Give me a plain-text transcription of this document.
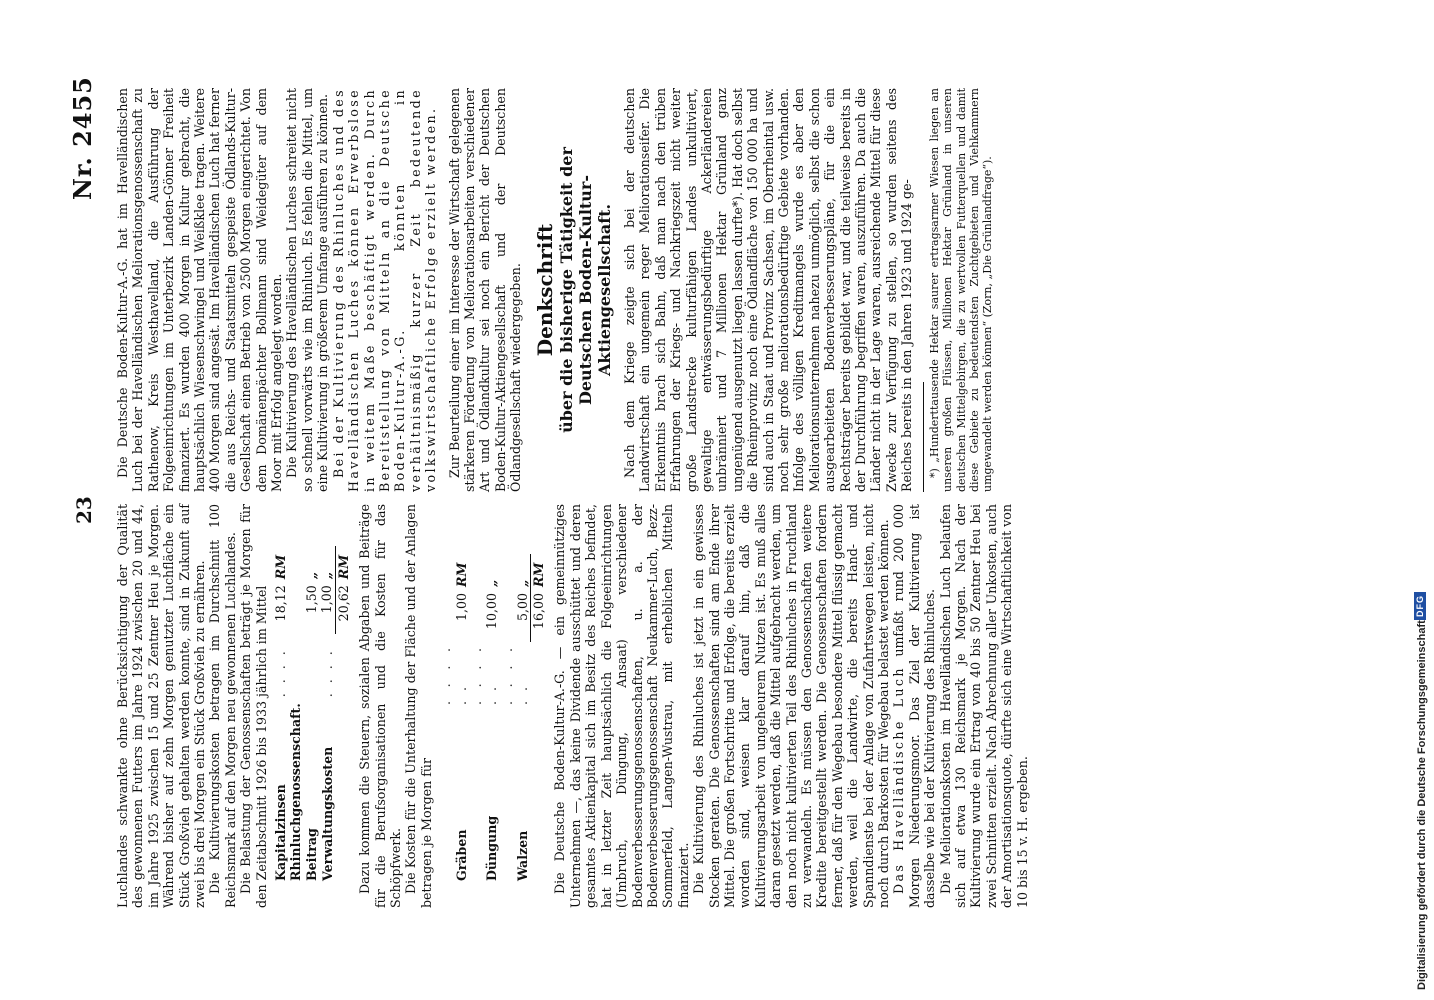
23
Nr. 2455

Luchlandes schwankte ohne Berücksichtigung der Qualität des gewonnenen Futters im Jahre 1924 zwischen 20 und 44, im Jahre 1925 zwischen 15 und 25 Zentner Heu je Morgen. Während bisher auf zehn Morgen genutzter Luchfläche ein Stück Großvieh gehalten werden konnte, sind in Zukunft auf zwei bis drei Morgen ein Stück Großvieh zu ernähren. Die Kultivierungskosten betragen im Durchschnitt 100 Reichsmark auf den Morgen neu gewonnenen Luchlandes. Die Belastung der Genossenschaften beträgt je Morgen für den Zeitabschnitt 1926 bis 1933 jährlich im Mittel Kapitalzinsen	. . . .	18,12	RM
Rhinluchgenossenschaft. Beitrag		1,50	„
Verwaltungskosten	. . . .	1,00	„
		20,62	RM Dazu kommen die Steuern, sozialen Abgaben und Beiträge für die Berufsorganisationen und die Kosten für das Schöpfwerk. Die Kosten für die Unterhaltung der Fläche und der Anlagen betragen je Morgen für Gräben	. . . . . .	1,00	RM
Düngung	. . . . . .	10,00	„
Walzen	. . . . . .	5,00	„
		16,00	RM Die Deutsche Boden-Kultur-A.-G. — ein gemeinnütziges Unternehmen —, das keine Dividende ausschüttet und deren gesamtes Aktienkapital sich im Besitz des Reiches befindet, hat in letzter Zeit hauptsächlich die Folgeeinrichtungen (Umbruch, Düngung, Ansaat) verschiedener Bodenverbesserungsgenossenschaften, u. a. der Bodenverbesserungsgenossenschaft Neukammer-Luch, Bezz-Sommerfeld, Langen-Wustrau, mit erheblichen Mitteln finanziert. Die Kultivierung des Rhinluches ist jetzt in ein gewisses Stocken geraten. Die Genossenschaften sind am Ende ihrer Mittel. Die großen Fortschritte und Erfolge, die bereits erzielt worden sind, weisen klar darauf hin, daß die Kultivierungsarbeit von ungeheurem Nutzen ist. Es muß alles daran gesetzt werden, daß die Mittel aufgebracht werden, um den noch nicht kultivierten Teil des Rhinluches in Fruchtland zu verwandeln. Es müssen den Genossenschaften weitere Kredite bereitgestellt werden. Die Genossenschaften fordern ferner, daß für den Wegebau besondere Mittel flüssig gemacht werden, weil die Landwirte, die bereits Hand- und Spanndienste bei der Anlage von Zufahrtswegen leisten, nicht noch durch Barkosten für Wegebau belastet werden können. Das Havelländische Luch umfaßt rund 200 000 Morgen Niederungsmoor. Das Ziel der Kultivierung ist dasselbe wie bei der Kultivierung des Rhinluches. Die Meliorationskosten im Havelländischen Luch belaufen sich auf etwa 130 Reichsmark je Morgen. Nach der Kultivierung wurde ein Ertrag von 40 bis 50 Zentner Heu bei zwei Schnitten erzielt. Nach Abrechnung aller Unkosten, auch der Amortisationsquote, dürfte sich eine Wirtschaftlichkeit von 10 bis 15 v. H. ergeben.

Die Deutsche Boden-Kultur-A.-G. hat im Havelländischen Luch bei der Havelländischen Meliorationsgenossenschaft zu Rathenow, Kreis Westhavelland, die Ausführung der Folgeeinrichtungen im Unterbezirk Landen-Gönner Freiheit finanziert. Es wurden 400 Morgen in Kultur gebracht, die hauptsächlich Wiesenschwingel und Weißklee tragen. Weitere 400 Morgen sind angesät. Im Havelländischen Luch hat ferner die aus Reichs- und Staatsmitteln gespeiste Ödlands-Kultur-Gesellschaft einen Betrieb von 2500 Morgen eingerichtet. Von dem Domänenpächter Bollmann sind Weidegüter auf dem Moor mit Erfolg angelegt worden. Die Kultivierung des Havelländischen Luches schreitet nicht so schnell vorwärts wie im Rhinluch. Es fehlen die Mittel, um eine Kultivierung in größerem Umfange ausführen zu können. Bei der Kultivierung des Rhinluches und des Havelländischen Luches können Erwerbslose in weitem Maße beschäftigt werden. Durch Bereitstellung von Mitteln an die Deutsche Boden-Kultur-A.-G. könnten in verhältnismäßig kurzer Zeit bedeutende volkswirtschaftliche Erfolge erzielt werden. Zur Beurteilung einer im Interesse der Wirtschaft gelegenen stärkeren Förderung von Meliorationsarbeiten verschiedener Art und Ödlandkultur sei noch ein Bericht der Deutschen Boden-Kultur-Aktiengesellschaft und der Deutschen Ödlandgesellschaft wiedergegeben. Denkschrift über die bisherige Tätigkeit der Deutschen Boden-Kultur-Aktiengesellschaft. Nach dem Kriege zeigte sich bei der deutschen Landwirtschaft ein ungemein reger Meliorationseifer. Die Erkenntnis brach sich Bahn, daß man nach den trüben Erfahrungen der Kriegs- und Nachkriegszeit nicht weiter große Landstrecke kulturfähigen Landes unkultiviert, gewaltige entwässerungsbedürftige Ackerländereien unbränniert und 7 Millionen Hektar Grünland ganz ungenügend ausgenutzt liegen lassen durfte*). Hat doch selbst die Rheinprovinz noch eine Ödlandfläche von 150 000 ha und sind auch in Staat und Provinz Sachsen, im Oberrheintal usw. noch sehr große meliorationsbedürftige Gebiete vorhanden. Infolge des völligen Kreditmangels wurde es aber den Meliorationsunternehmen nahezu unmöglich, selbst die schon ausgearbeiteten Bodenverbesserungspläne, für die ein Rechtsträger bereits gebildet war, und die teilweise bereits in der Durchführung begriffen waren, auszuführen. Da auch die Länder nicht in der Lage waren, ausreichende Mittel für diese Zwecke zur Verfügung zu stellen, so wurden seitens des Reiches bereits in den Jahren 1923 und 1924 ge- *) „Hunderttausende Hektar saurer ertragsarmer Wiesen liegen an unseren großen Flüssen, Millionen Hektar Grünland in unseren deutschen Mittelgebirgen, die zu wertvollen Futterquellen und damit diese Gebiete zu bedeutendsten Zuchtgebieten und Viehkammern umgewandelt werden können“ (Zorn, „Die Grünlandfrage“).

Digitalisierung gefördert durch die Deutsche Forschungsgemeinschaft
DFG
